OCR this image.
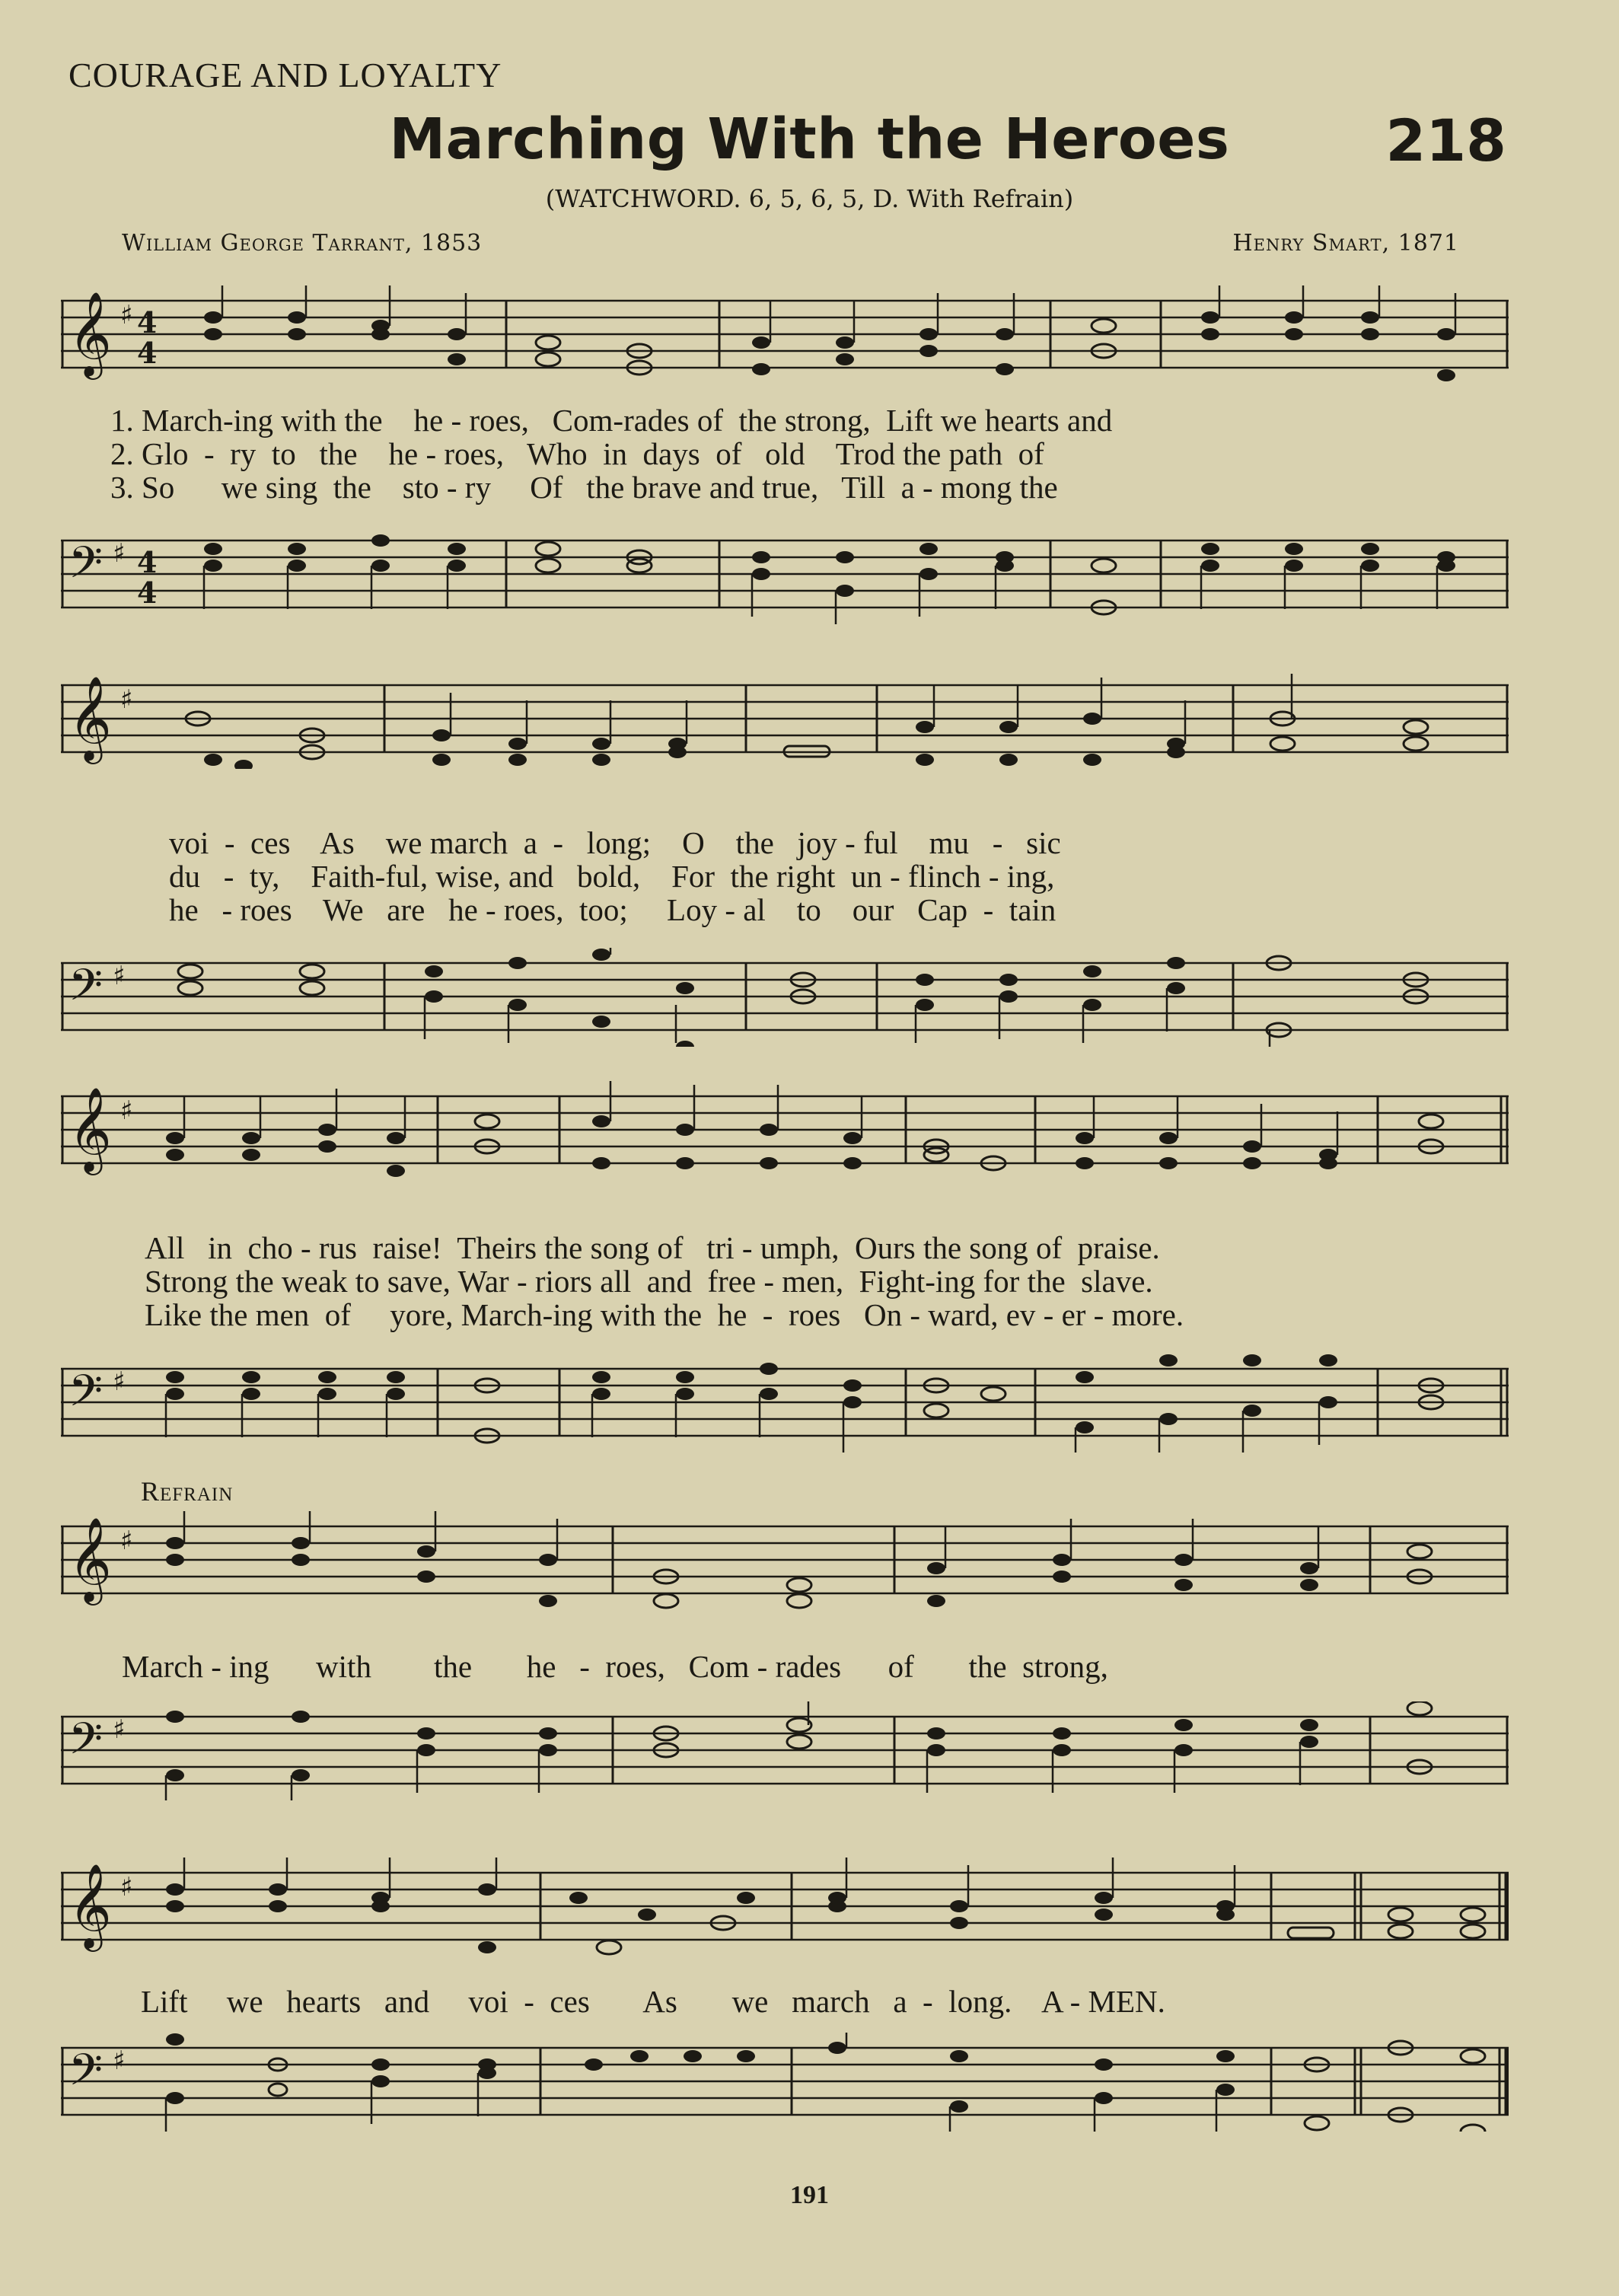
COURAGE AND LOYALTY
Marching With the Heroes	218
(WATCHWORD. 6, 5, 6, 5, D. With Refrain)
William George Tarrant, 1853	Henry Smart, 1871
𝄞 ♯ 4
4
1. March-ing with the    he - roes,   Com-rades of  the strong,  Lift we hearts and
2. Glo  -  ry  to   the    he - roes,   Who  in  days  of   old    Trod the path  of
3. So      we sing  the    sto - ry     Of   the brave and true,   Till  a - mong the
𝄢 ♯ 4
4
𝄞 ♯
voi  -  ces    As    we march  a  -   long;    O    the   joy - ful    mu   -   sic
du   -  ty,    Faith-ful, wise, and   bold,    For  the right  un - flinch - ing,
he   - roes    We   are   he - roes,  too;     Loy - al    to    our   Cap  -  tain
𝄢 ♯
𝄞 ♯
All   in  cho - rus  raise!  Theirs the song of   tri - umph,  Ours the song of  praise.
Strong the weak to save, War - riors all  and  free - men,  Fight-ing for the  slave.
Like the men  of     yore, March-ing with the  he  -  roes   On - ward, ev - er - more.
𝄢 ♯
Refrain
𝄞 ♯
March - ing      with        the       he   -  roes,   Com - rades      of       the  strong,
𝄢 ♯
𝄞 ♯
Lift     we   hearts   and     voi  -  ces       As       we   march   a  -  long.    A - MEN.
𝄢 ♯
191
